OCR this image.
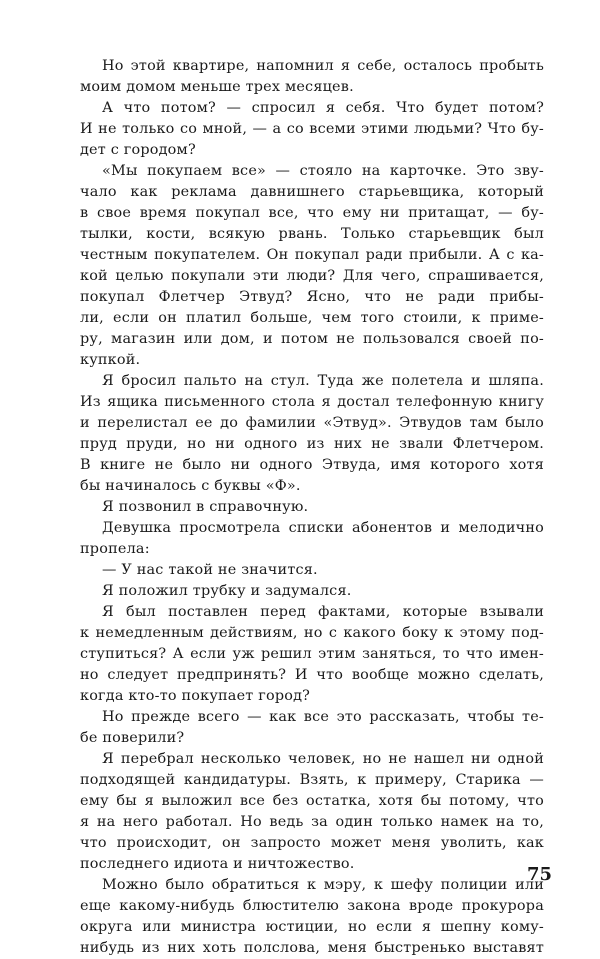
Но этой квартире, напомнил я себе, осталось пробыть

моим домом меньше трех месяцев.

А что потом? — спросил я себя. Что будет потом?

И не только со мной, — а со всеми этими людьми? Что бу-

дет с городом?

«Мы покупаем все» — стояло на карточке. Это зву-

чало как реклама давнишнего старьевщика, который

в свое время покупал все, что ему ни притащат, — бу-

тылки, кости, всякую рвань. Только старьевщик был

честным покупателем. Он покупал ради прибыли. А с ка-

кой целью покупали эти люди? Для чего, спрашивается,

покупал Флетчер Этвуд? Ясно, что не ради прибы-

ли, если он платил больше, чем того стоили, к приме-

ру, магазин или дом, и потом не пользовался своей по-

купкой.

Я бросил пальто на стул. Туда же полетела и шляпа.

Из ящика письменного стола я достал телефонную книгу

и перелистал ее до фамилии «Этвуд». Этвудов там было

пруд пруди, но ни одного из них не звали Флетчером.

В книге не было ни одного Этвуда, имя которого хотя

бы начиналось с буквы «Ф».

Я позвонил в справочную.

Девушка просмотрела списки абонентов и мелодично

пропела:

— У нас такой не значится.

Я положил трубку и задумался.

Я был поставлен перед фактами, которые взывали

к немедленным действиям, но с какого боку к этому под-

ступиться? А если уж решил этим заняться, то что имен-

но следует предпринять? И что вообще можно сделать,

когда кто-то покупает город?

Но прежде всего — как все это рассказать, чтобы те-

бе поверили?

Я перебрал несколько человек, но не нашел ни одной

подходящей кандидатуры. Взять, к примеру, Старика —

ему бы я выложил все без остатка, хотя бы потому, что

я на него работал. Но ведь за один только намек на то,

что происходит, он запросто может меня уволить, как

последнего идиота и ничтожество.

Можно было обратиться к мэру, к шефу полиции или

еще какому-нибудь блюстителю закона вроде прокурора

округа или министра юстиции, но если я шепну кому-

нибудь из них хоть полслова, меня быстренько выставят

75
